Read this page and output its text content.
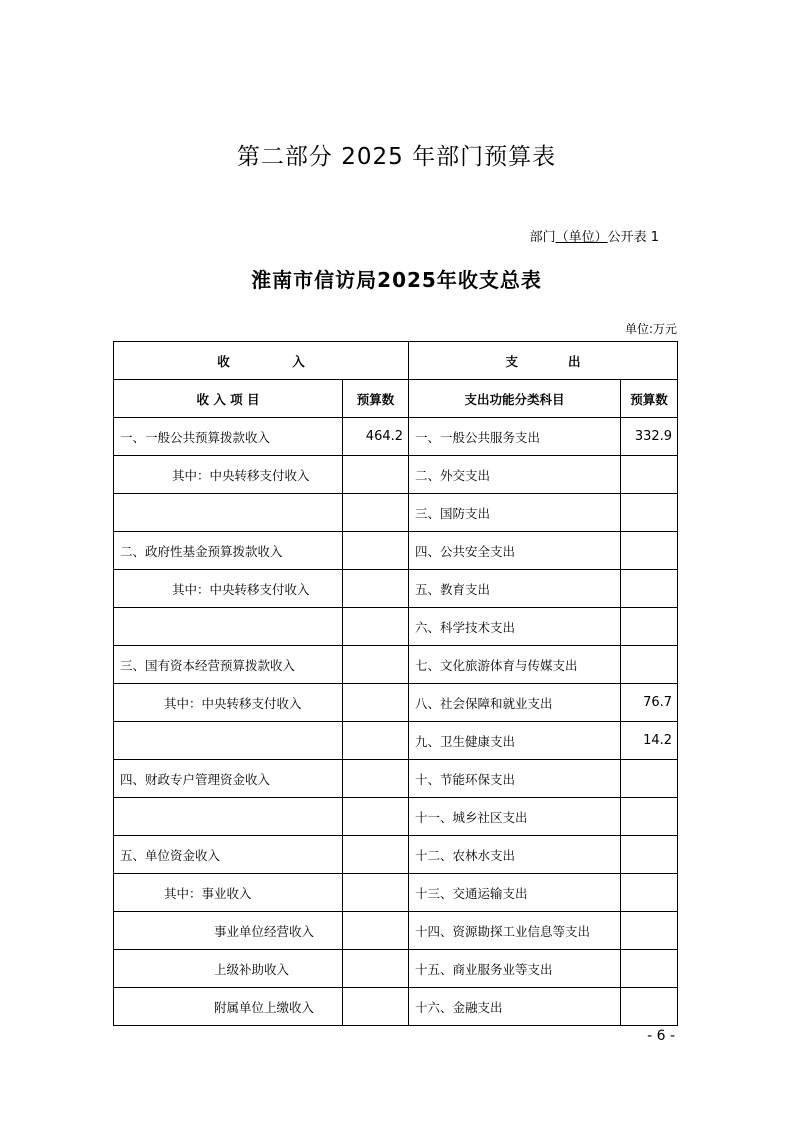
第二部分 2025 年部门预算表
部门（单位）公开表 1
淮南市信访局2025年收支总表
单位:万元
收　　　　　入		支　　　　出	
收 入 项 目	预算数	支出功能分类科目	预算数
一、一般公共预算拨款收入	464.2	一、一般公共服务支出	332.9
其中：中央转移支付收入		二、外交支出	
		三、国防支出	
二、政府性基金预算拨款收入		四、公共安全支出	
其中：中央转移支付收入		五、教育支出	
		六、科学技术支出	
三、国有资本经营预算拨款收入		七、文化旅游体育与传媒支出	
其中：中央转移支付收入		八、社会保障和就业支出	76.7
		九、卫生健康支出	14.2
四、财政专户管理资金收入		十、节能环保支出	
		十一、城乡社区支出	
五、单位资金收入		十二、农林水支出	
其中：事业收入		十三、交通运输支出	
事业单位经营收入		十四、资源勘探工业信息等支出	
上级补助收入		十五、商业服务业等支出	
附属单位上缴收入		十六、金融支出	
- 6 -
